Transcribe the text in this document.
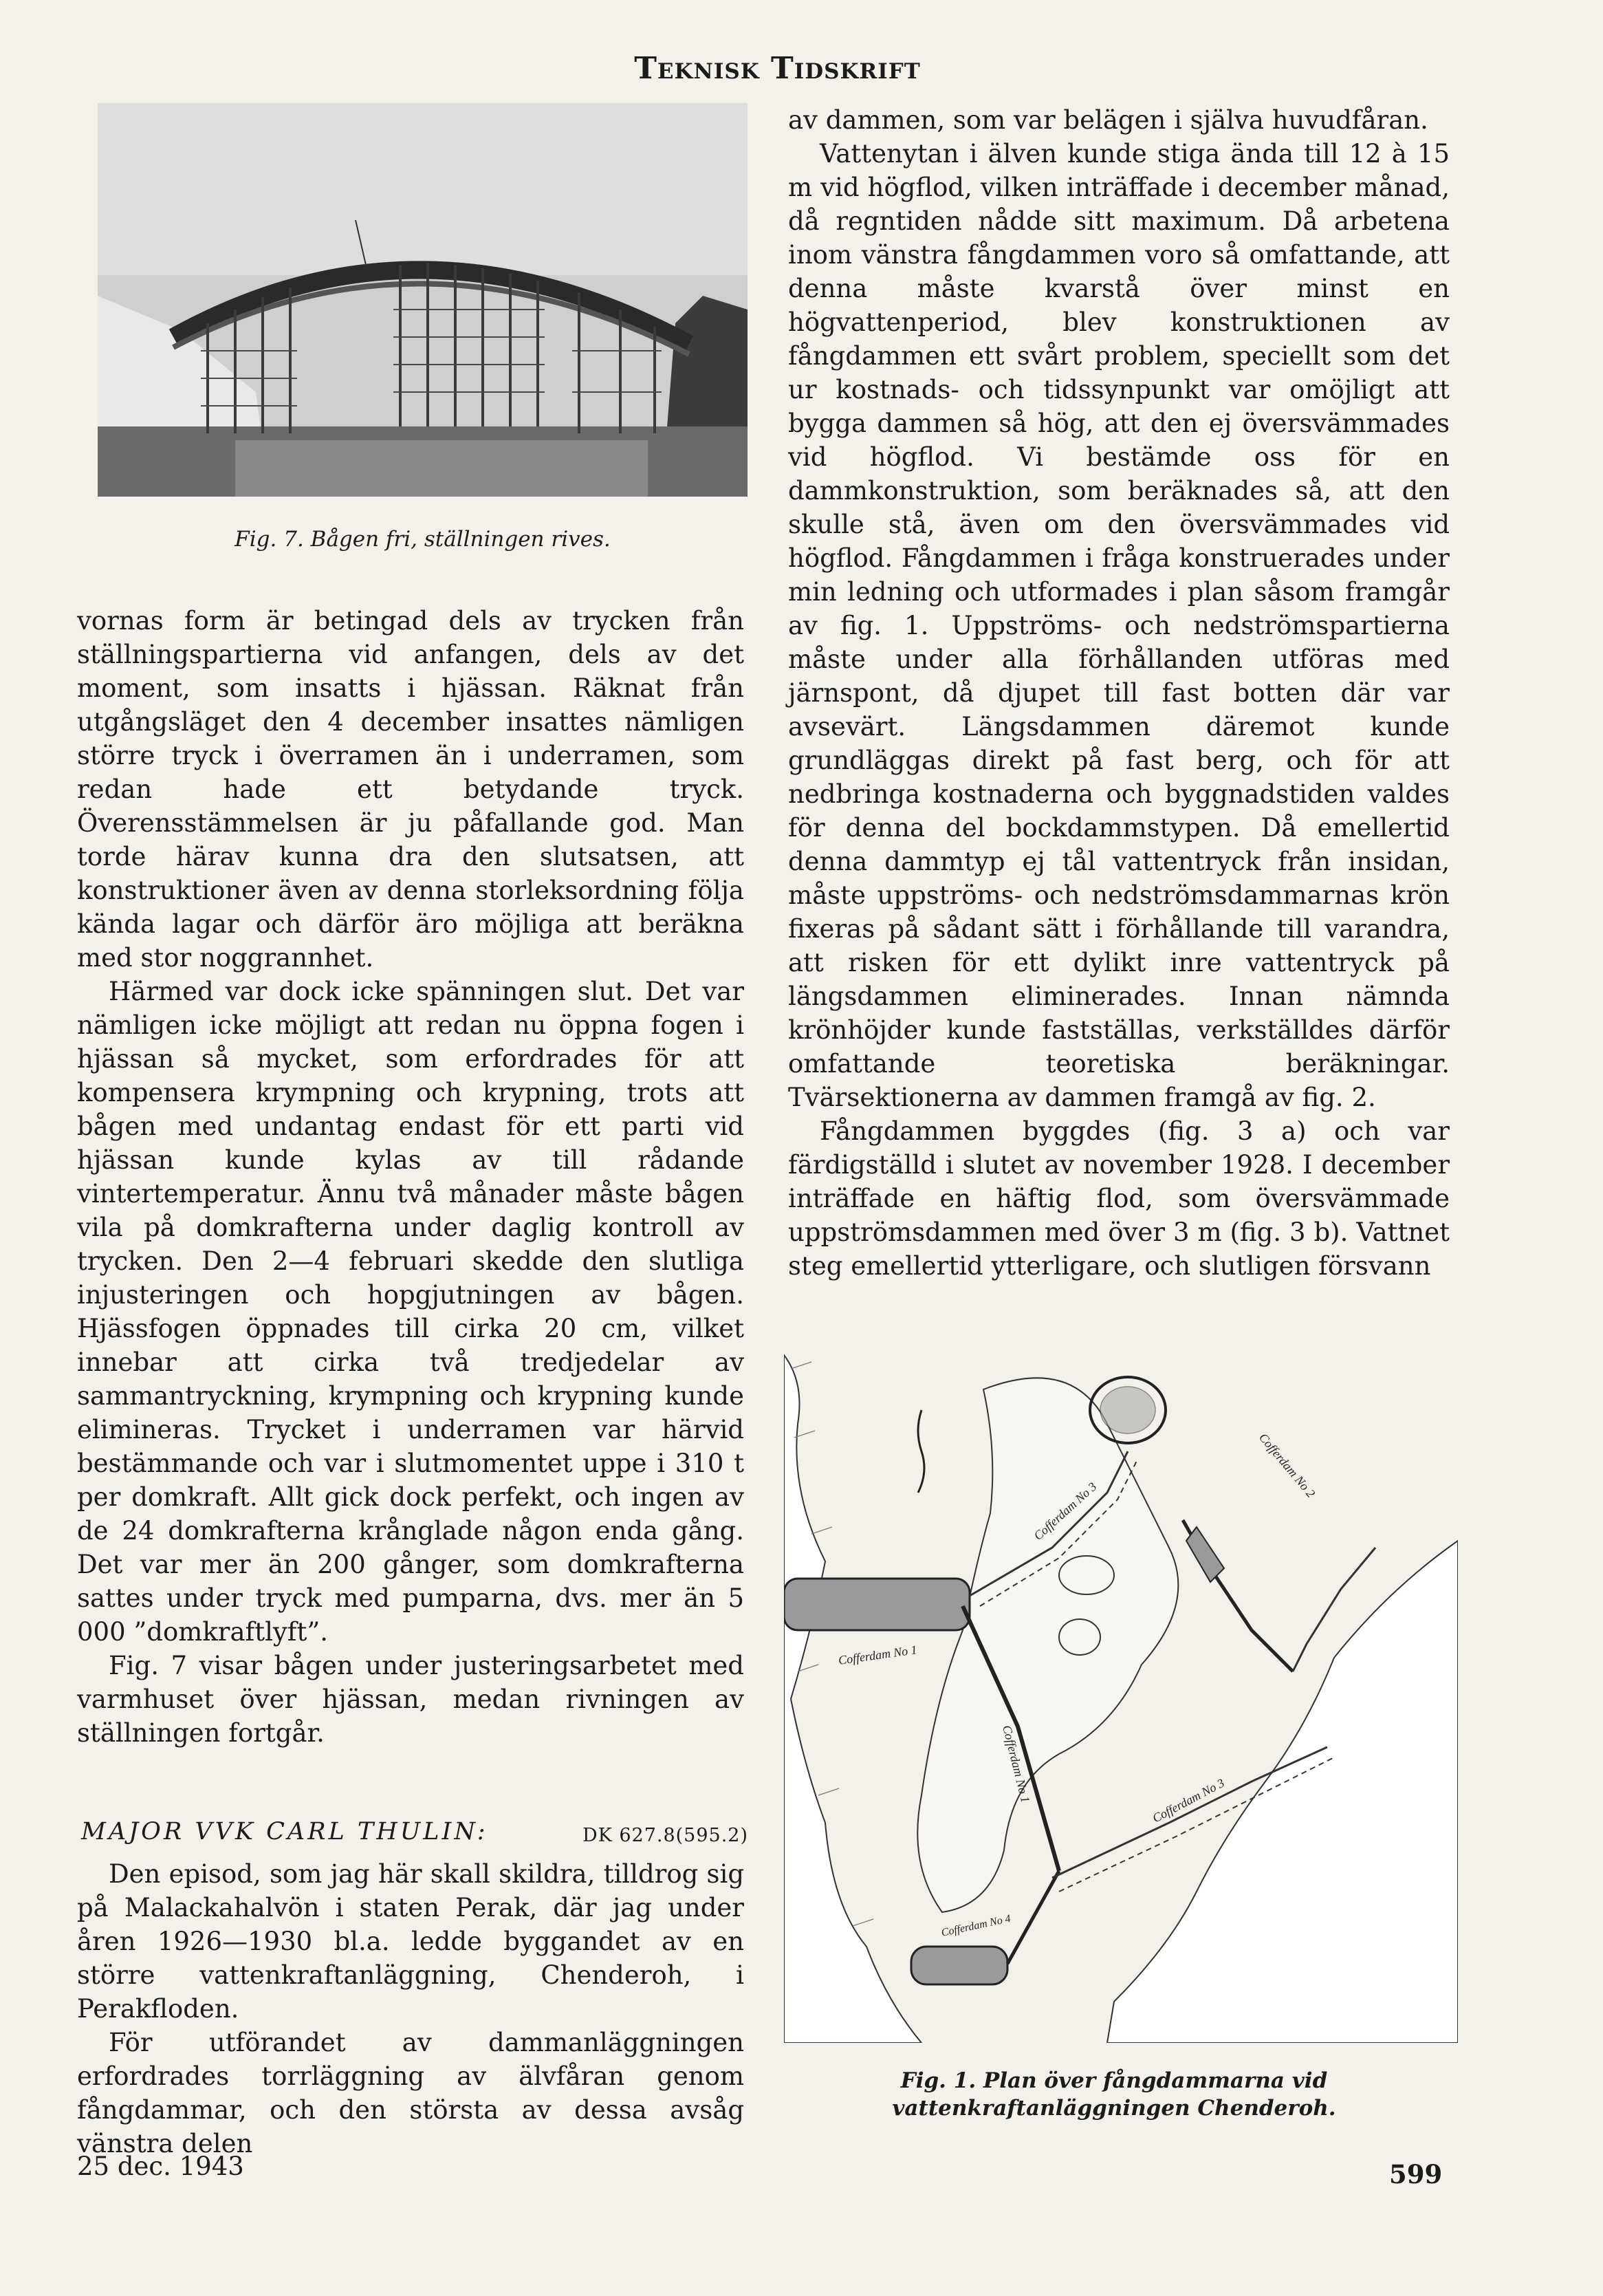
Teknisk Tidskrift
Fig. 7. Bågen fri, ställningen rives.

vornas form är betingad dels av trycken från ställningspartierna vid anfangen, dels av det moment, som insatts i hjässan. Räknat från utgångsläget den 4 december insattes nämligen större tryck i överramen än i underramen, som redan hade ett betydande tryck. Överensstämmelsen är ju påfallande god. Man torde härav kunna dra den slutsatsen, att konstruktioner även av denna storleksordning följa kända lagar och därför äro möjliga att beräkna med stor noggrannhet.

Härmed var dock icke spänningen slut. Det var nämligen icke möjligt att redan nu öppna fogen i hjässan så mycket, som erfordrades för att kompensera krympning och krypning, trots att bågen med undantag endast för ett parti vid hjässan kunde kylas av till rådande vintertemperatur. Ännu två månader måste bågen vila på domkrafterna under daglig kontroll av trycken. Den 2—4 februari skedde den slutliga injusteringen och hopgjutningen av bågen. Hjässfogen öppnades till cirka 20 cm, vilket innebar att cirka två tredjedelar av sammantryckning, krympning och krypning kunde elimineras. Trycket i underramen var härvid bestämmande och var i slutmomentet uppe i 310 t per domkraft. Allt gick dock perfekt, och ingen av de 24 domkrafterna krånglade någon enda gång. Det var mer än 200 gånger, som domkrafterna sattes under tryck med pumparna, dvs. mer än 5 000 ”domkraftlyft”.

Fig. 7 visar bågen under justeringsarbetet med varmhuset över hjässan, medan rivningen av ställningen fortgår.

MAJOR VVK CARL THULIN:	DK 627.8(595.2)

Den episod, som jag här skall skildra, tilldrog sig på Malackahalvön i staten Perak, där jag under åren 1926—1930 bl.a. ledde byggandet av en större vattenkraftanläggning, Chenderoh, i Perakfloden.

För utförandet av dammanläggningen erfordrades torrläggning av älvfåran genom fångdammar, och den största av dessa avsåg vänstra delen

av dammen, som var belägen i själva huvudfåran.

Vattenytan i älven kunde stiga ända till 12 à 15 m vid högflod, vilken inträffade i december månad, då regntiden nådde sitt maximum. Då arbetena inom vänstra fångdammen voro så omfattande, att denna måste kvarstå över minst en högvattenperiod, blev konstruktionen av fångdammen ett svårt problem, speciellt som det ur kostnads- och tidssynpunkt var omöjligt att bygga dammen så hög, att den ej översvämmades vid högflod. Vi bestämde oss för en dammkonstruktion, som beräknades så, att den skulle stå, även om den översvämmades vid högflod. Fångdammen i fråga konstruerades under min ledning och utformades i plan såsom framgår av fig. 1. Uppströms- och nedströmspartierna måste under alla förhållanden utföras med järnspont, då djupet till fast botten där var avsevärt. Längsdammen däremot kunde grundläggas direkt på fast berg, och för att nedbringa kostnaderna och byggnadstiden valdes för denna del bockdammstypen. Då emellertid denna dammtyp ej tål vattentryck från insidan, måste uppströms- och nedströmsdammarnas krön fixeras på sådant sätt i förhållande till varandra, att risken för ett dylikt inre vattentryck på längsdammen eliminerades. Innan nämnda krönhöjder kunde fastställas, verkställdes därför omfattande teoretiska beräkningar. Tvärsektionerna av dammen framgå av fig. 2.

Fångdammen byggdes (fig. 3 a) och var färdigställd i slutet av november 1928. I december inträffade en häftig flod, som översvämmade uppströmsdammen med över 3 m (fig. 3 b). Vattnet steg emellertid ytterligare, och slutligen försvann

Cofferdam No 1
Cofferdam No 1
Cofferdam No 2
Cofferdam No 3
Cofferdam No 3
Cofferdam No 4
Fig. 1. Plan över fångdammarna vid vattenkraftanläggningen Chenderoh.
25 dec. 1943	599
